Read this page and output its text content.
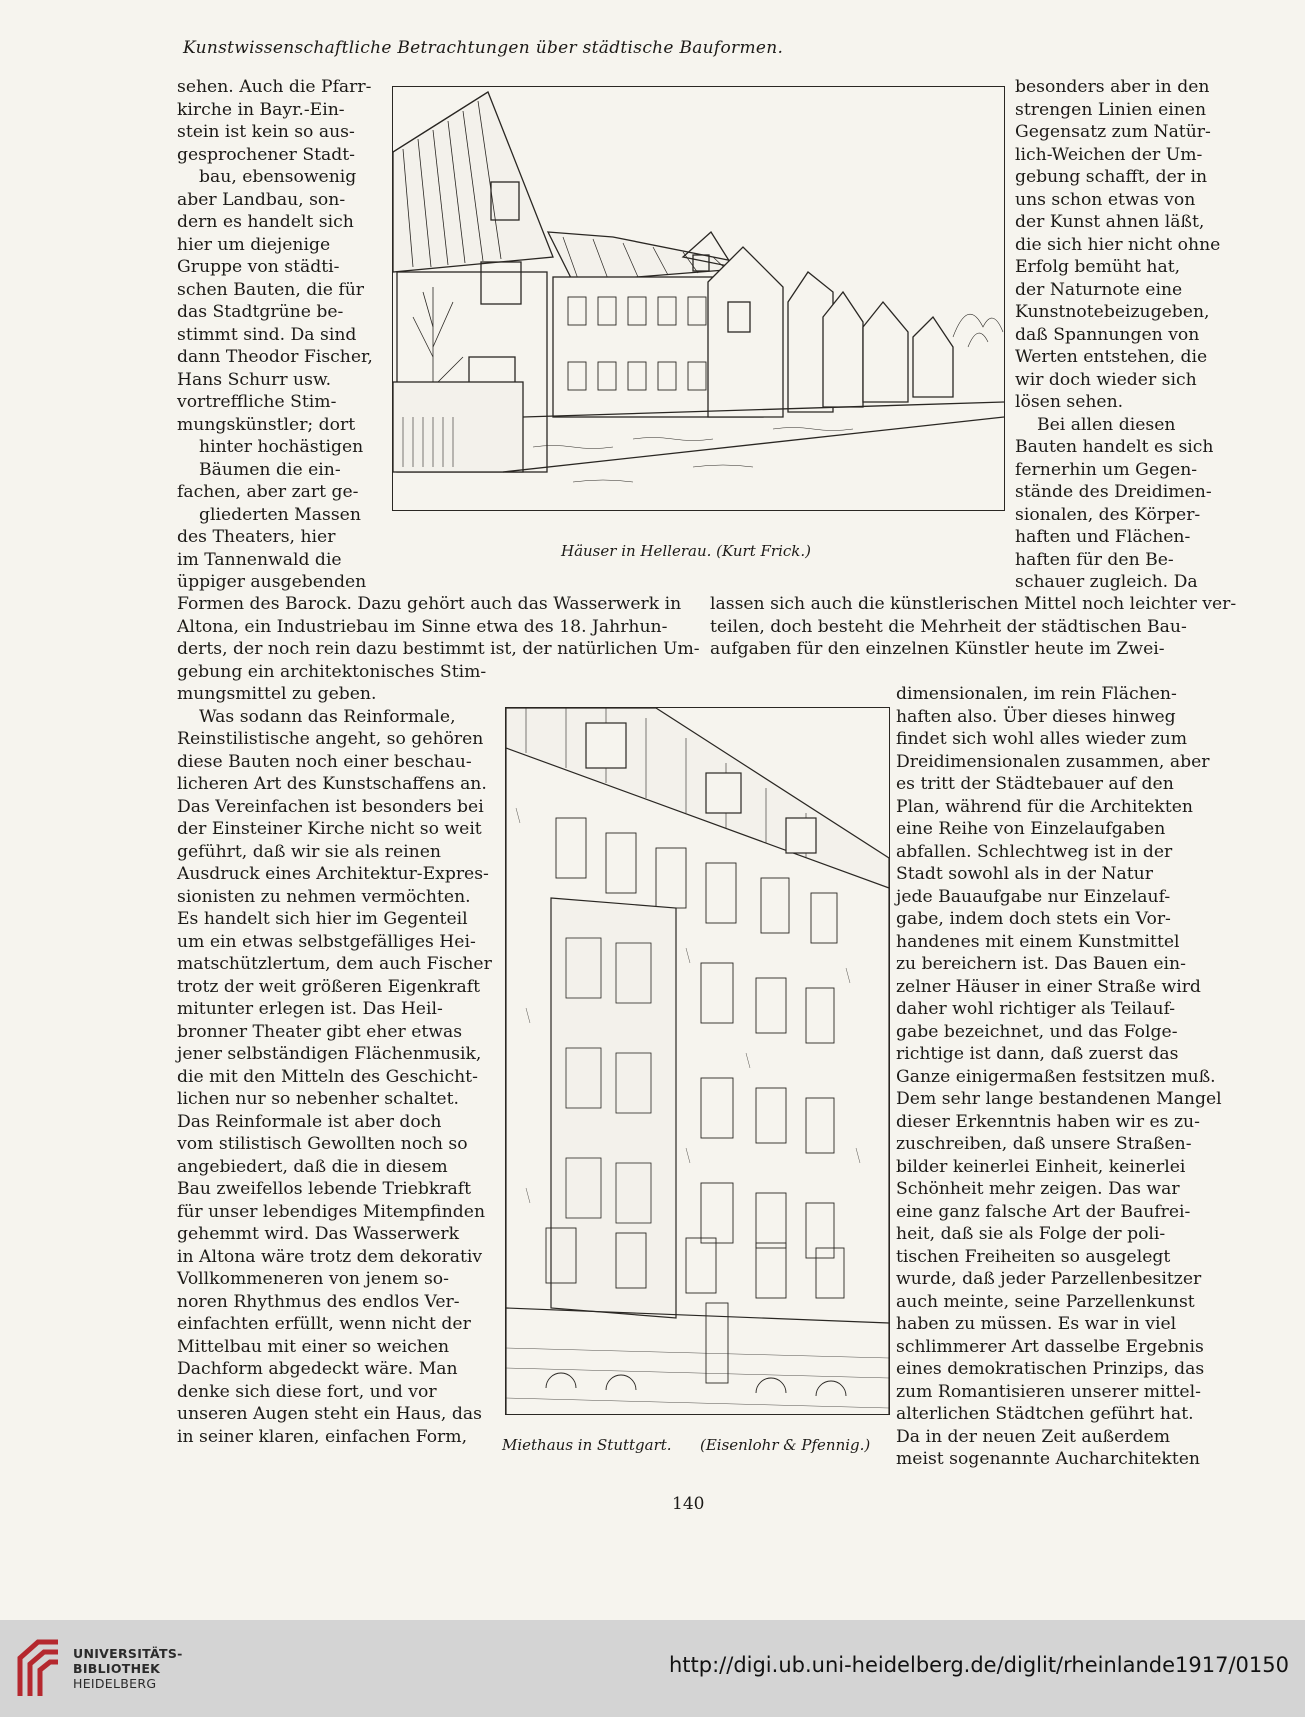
Kunstwissenschaftliche Betrachtungen über städtische Bauformen.
sehen. Auch die Pfarr-
kirche in Bayr.-Ein-
stein ist kein so aus-
gesprochener Stadt-
bau, ebensowenig
aber Landbau, son-
dern es handelt sich
hier um diejenige
Gruppe von städti-
schen Bauten, die für
das Stadtgrüne be-
stimmt sind. Da sind
dann Theodor Fischer,
Hans Schurr usw.
vortreffliche Stim-
mungskünstler; dort
hinter hochästigen
Bäumen die ein-
fachen, aber zart ge-
gliederten Massen
des Theaters, hier
im Tannenwald die
üppiger ausgebenden
Häuser in Hellerau. (Kurt Frick.)
besonders aber in den
strengen Linien einen
Gegensatz zum Natür-
lich-Weichen der Um-
gebung schafft, der in
uns schon etwas von
der Kunst ahnen läßt,
die sich hier nicht ohne
Erfolg bemüht hat,
der Naturnote eine
Kunstnotebeizugeben,
daß Spannungen von
Werten entstehen, die
wir doch wieder sich
lösen sehen.
Bei allen diesen
Bauten handelt es sich
fernerhin um Gegen-
stände des Dreidimen-
sionalen, des Körper-
haften und Flächen-
haften für den Be-
schauer zugleich. Da
Formen des Barock. Dazu gehört auch das Wasserwerk in
Altona, ein Industriebau im Sinne etwa des 18. Jahrhun-
derts, der noch rein dazu bestimmt ist, der natürlichen Um-
gebung ein architektonisches Stim-
lassen sich auch die künstlerischen Mittel noch leichter ver-
teilen, doch besteht die Mehrheit der städtischen Bau-
aufgaben für den einzelnen Künstler heute im Zwei-
mungsmittel zu geben.
Was sodann das Reinformale,
Reinstilistische angeht, so gehören
diese Bauten noch einer beschau-
licheren Art des Kunstschaffens an.
Das Vereinfachen ist besonders bei
der Einsteiner Kirche nicht so weit
geführt, daß wir sie als reinen
Ausdruck eines Architektur-Expres-
sionisten zu nehmen vermöchten.
Es handelt sich hier im Gegenteil
um ein etwas selbstgefälliges Hei-
matschützlertum, dem auch Fischer
trotz der weit größeren Eigenkraft
mitunter erlegen ist. Das Heil-
bronner Theater gibt eher etwas
jener selbständigen Flächenmusik,
die mit den Mitteln des Geschicht-
lichen nur so nebenher schaltet.
Das Reinformale ist aber doch
vom stilistisch Gewollten noch so
angebiedert, daß die in diesem
Bau zweifellos lebende Triebkraft
für unser lebendiges Mitempfinden
gehemmt wird. Das Wasserwerk
in Altona wäre trotz dem dekorativ
Vollkommeneren von jenem so-
noren Rhythmus des endlos Ver-
einfachten erfüllt, wenn nicht der
Mittelbau mit einer so weichen
Dachform abgedeckt wäre. Man
denke sich diese fort, und vor
unseren Augen steht ein Haus, das
in seiner klaren, einfachen Form,	Miethaus in Stuttgart. (Eisenlohr & Pfennig.)
dimensionalen, im rein Flächen-
haften also. Über dieses hinweg
findet sich wohl alles wieder zum
Dreidimensionalen zusammen, aber
es tritt der Städtebauer auf den
Plan, während für die Architekten
eine Reihe von Einzelaufgaben
abfallen. Schlechtweg ist in der
Stadt sowohl als in der Natur
jede Bauaufgabe nur Einzelauf-
gabe, indem doch stets ein Vor-
handenes mit einem Kunstmittel
zu bereichern ist. Das Bauen ein-
zelner Häuser in einer Straße wird
daher wohl richtiger als Teilauf-
gabe bezeichnet, und das Folge-
richtige ist dann, daß zuerst das
Ganze einigermaßen festsitzen muß.
Dem sehr lange bestandenen Mangel
dieser Erkenntnis haben wir es zu-
zuschreiben, daß unsere Straßen-
bilder keinerlei Einheit, keinerlei
Schönheit mehr zeigen. Das war
eine ganz falsche Art der Baufrei-
heit, daß sie als Folge der poli-
tischen Freiheiten so ausgelegt
wurde, daß jeder Parzellenbesitzer
auch meinte, seine Parzellenkunst
haben zu müssen. Es war in viel
schlimmerer Art dasselbe Ergebnis
eines demokratischen Prinzips, das
zum Romantisieren unserer mittel-
alterlichen Städtchen geführt hat.
Da in der neuen Zeit außerdem
meist sogenannte Aucharchitekten
140
UNIVERSITÄTS-
BIBLIOTHEK
HEIDELBERG
http://digi.ub.uni-heidelberg.de/diglit/rheinlande1917/0150
